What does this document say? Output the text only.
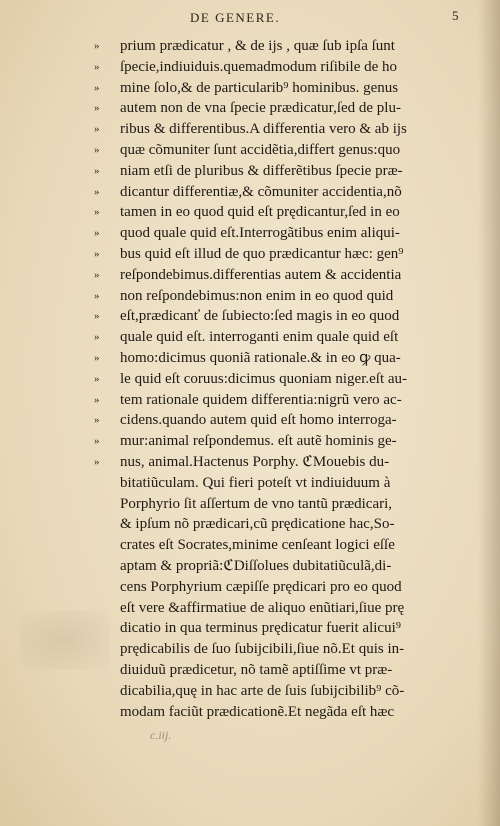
DE GENERE.	5
» prium prædicatur , & de ijs , quæ ſub ipſa ſunt
» ſpecie,indiuiduis.quemadmodum riſibile de ho
» mine ſolo,& de particularib⁹ hominibus. genus
» autem non de vna ſpecie prædicatur,ſed de plu-
» ribus & differentibus.A differentia vero & ab ijs
» quæ cõmuniter ſunt accidẽtia,differt genus:quo
» niam etſi de pluribus & differẽtibus ſpecie præ-
» dicantur differentiæ,& cõmuniter accidentia,nõ
» tamen in eo quod quid eſt prędicantur,ſed in eo
» quod quale quid eſt.Interrogãtibus enim aliqui-
» bus quid eſt illud de quo prædicantur hæc: gen⁹
» reſpondebimus.differentias autem & accidentia
» non reſpondebimus:non enim in eo quod quid
» eſt,prædicanť de ſubiecto:ſed magis in eo quod
» quale quid eſt. interroganti enim quale quid eſt
» homo:dicimus quoniã rationale.& in eo ꝙ qua-
» le quid eſt coruus:dicimus quoniam niger.eſt au-
» tem rationale quidem differentia:nigrũ vero ac-
» cidens.quando autem quid eſt homo interroga-
» mur:animal reſpondemus. eſt autẽ hominis ge-
» nus, animal.Hactenus Porphy. ℭMouebis du-
bitatiũculam. Qui fieri poteſt vt indiuiduum à
Porphyrio ſit aſſertum de vno tantũ prædicari,
& ipſum nõ prædicari,cũ prędicatione hac,So-
crates eſt Socrates,minime cenſeant logici eſſe
aptam & propriã:ℭDiſſolues dubitatiũculã,di-
cens Porphyrium cæpiſſe prędicari pro eo quod
eſt vere &affirmatiue de aliquo enũtiari,ſiue prę
dicatio in qua terminus prędicatur fuerit alicui⁹
prędicabilis de ſuo ſubijcibili,ſiue nõ.Et quis in-
diuiduũ prædicetur, nõ tamẽ aptiſſime vt præ-
dicabilia,quę in hac arte de ſuis ſubijcibilib⁹ cõ-
modam faciũt prædicationẽ.Et negãda eſt hæc
c.iij.
